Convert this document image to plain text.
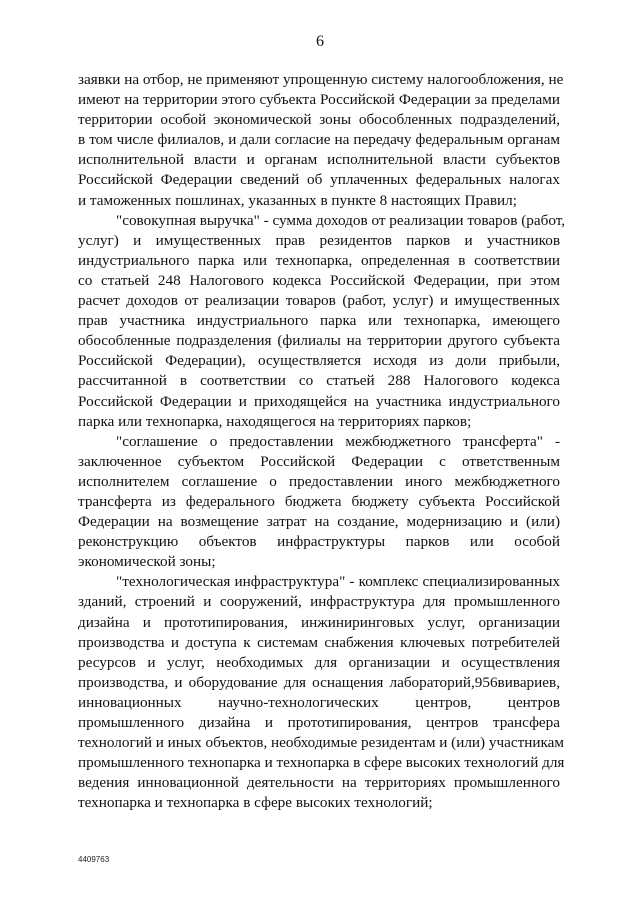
6

заявки на отбор, не применяют упрощенную систему налогообложения, не
имеют на территории этого субъекта Российской Федерации за пределами
территории особой экономической зоны обособленных подразделений,
в том числе филиалов, и дали согласие на передачу федеральным органам
исполнительной власти и органам исполнительной власти субъектов
Российской Федерации сведений об уплаченных федеральных налогах
и таможенных пошлинах, указанных в пункте 8 настоящих Правил;

"совокупная выручка" - сумма доходов от реализации товаров (работ,
услуг) и имущественных прав резидентов парков и участников
индустриального парка или технопарка, определенная в соответствии
со статьей 248 Налогового кодекса Российской Федерации, при этом
расчет доходов от реализации товаров (работ, услуг) и имущественных
прав участника индустриального парка или технопарка, имеющего
обособленные подразделения (филиалы на территории другого субъекта
Российской Федерации), осуществляется исходя из доли прибыли,
рассчитанной в соответствии со статьей 288 Налогового кодекса
Российской Федерации и приходящейся на участника индустриального
парка или технопарка, находящегося на территориях парков;

"соглашение о предоставлении межбюджетного трансферта" -
заключенное субъектом Российской Федерации с ответственным
исполнителем соглашение о предоставлении иного межбюджетного
трансферта из федерального бюджета бюджету субъекта Российской
Федерации на возмещение затрат на создание, модернизацию и (или)
реконструкцию объектов инфраструктуры парков или особой
экономической зоны;

"технологическая инфраструктура" - комплекс специализированных
зданий, строений и сооружений, инфраструктура для промышленного
дизайна и прототипирования, инжиниринговых услуг, организации
производства и доступа к системам снабжения ключевых потребителей
ресурсов и услуг, необходимых для организации и осуществления
производства, и оборудование для оснащения лабораторий,956вивариев,
инновационных научно-технологических центров, центров
промышленного дизайна и прототипирования, центров трансфера
технологий и иных объектов, необходимые резидентам и (или) участникам
промышленного технопарка и технопарка в сфере высоких технологий для
ведения инновационной деятельности на территориях промышленного
технопарка и технопарка в сфере высоких технологий;

4409763
